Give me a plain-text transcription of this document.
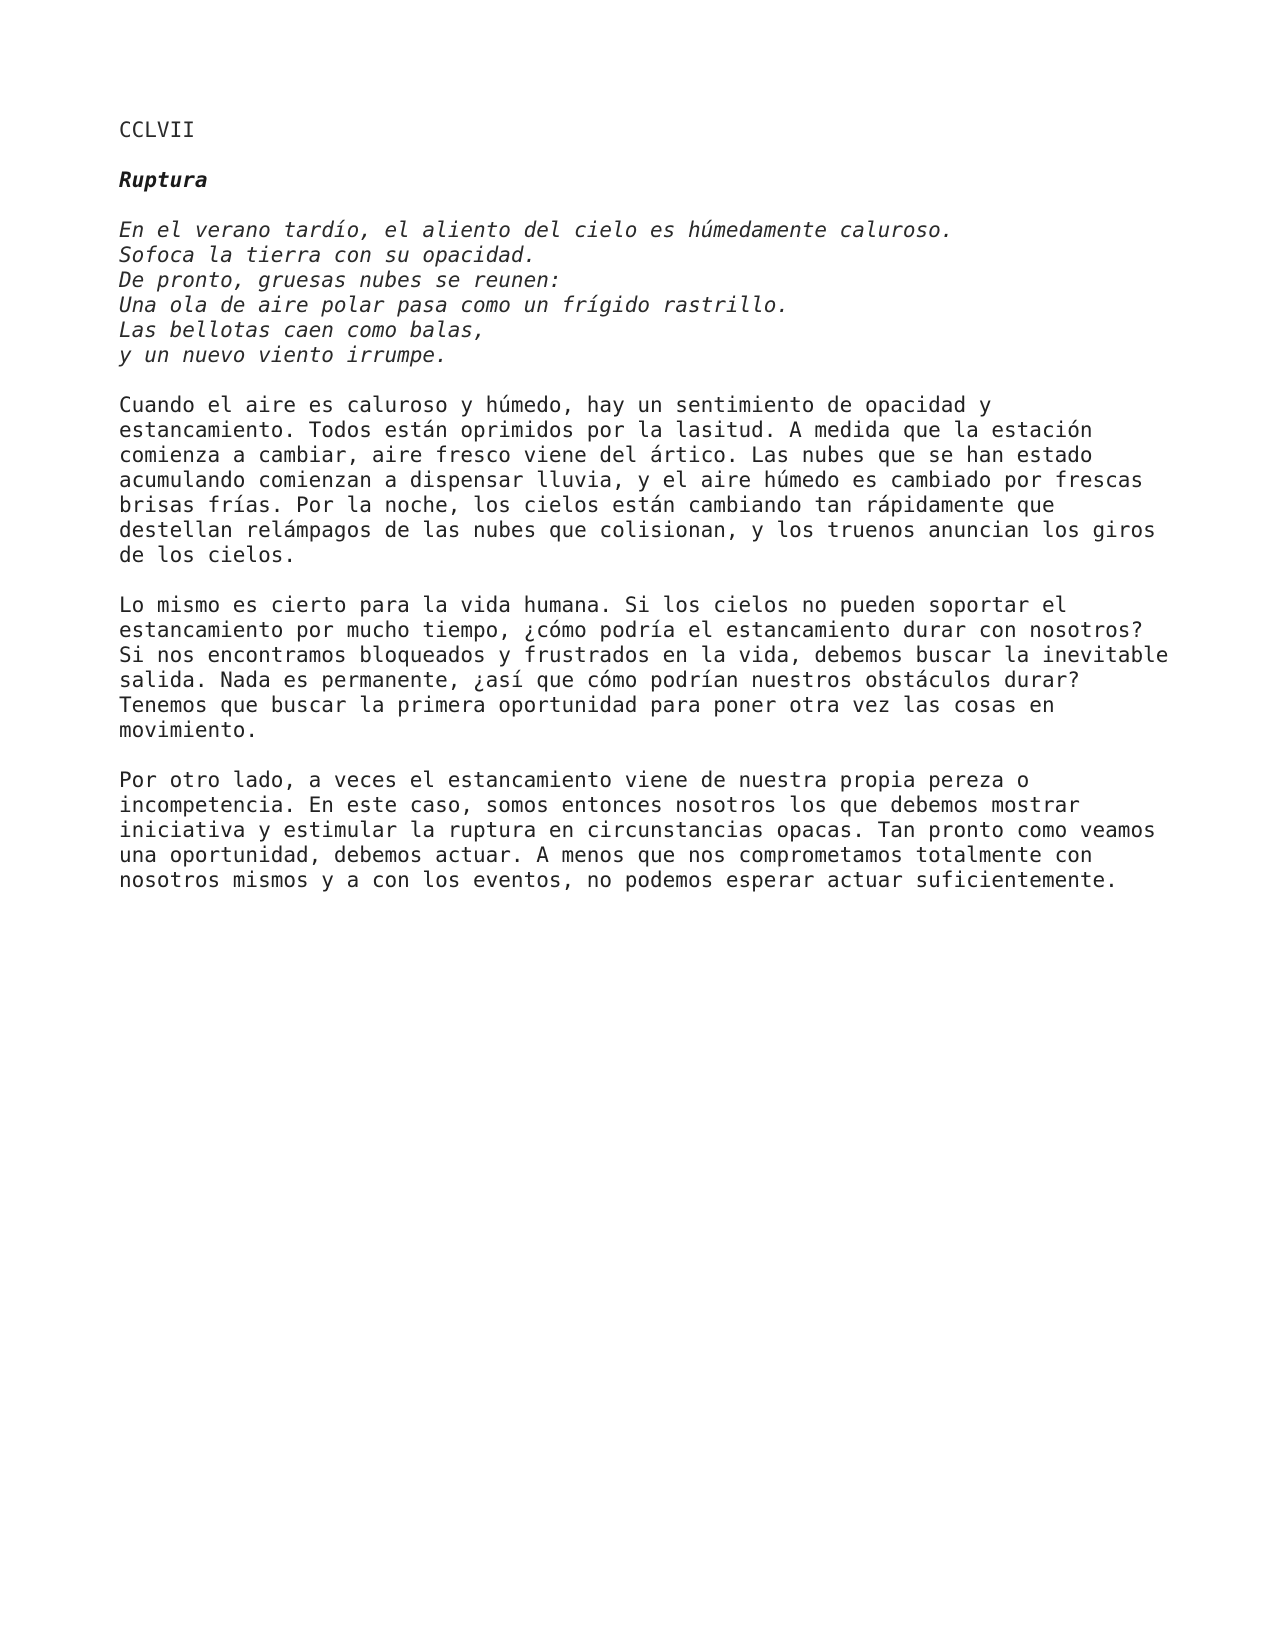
CCLVII
Ruptura
En el verano tardío, el aliento del cielo es húmedamente caluroso.
Sofoca la tierra con su opacidad.
De pronto, gruesas nubes se reunen:
Una ola de aire polar pasa como un frígido rastrillo.
Las bellotas caen como balas,
y un nuevo viento irrumpe.
Cuando el aire es caluroso y húmedo, hay un sentimiento de opacidad y
estancamiento. Todos están oprimidos por la lasitud. A medida que la estación
comienza a cambiar, aire fresco viene del ártico. Las nubes que se han estado
acumulando comienzan a dispensar lluvia, y el aire húmedo es cambiado por frescas
brisas frías. Por la noche, los cielos están cambiando tan rápidamente que
destellan relámpagos de las nubes que colisionan, y los truenos anuncian los giros
de los cielos.
Lo mismo es cierto para la vida humana. Si los cielos no pueden soportar el
estancamiento por mucho tiempo, ¿cómo podría el estancamiento durar con nosotros?
Si nos encontramos bloqueados y frustrados en la vida, debemos buscar la inevitable
salida. Nada es permanente, ¿así que cómo podrían nuestros obstáculos durar?
Tenemos que buscar la primera oportunidad para poner otra vez las cosas en
movimiento.
Por otro lado, a veces el estancamiento viene de nuestra propia pereza o
incompetencia. En este caso, somos entonces nosotros los que debemos mostrar
iniciativa y estimular la ruptura en circunstancias opacas. Tan pronto como veamos
una oportunidad, debemos actuar. A menos que nos comprometamos totalmente con
nosotros mismos y a con los eventos, no podemos esperar actuar suficientemente.
